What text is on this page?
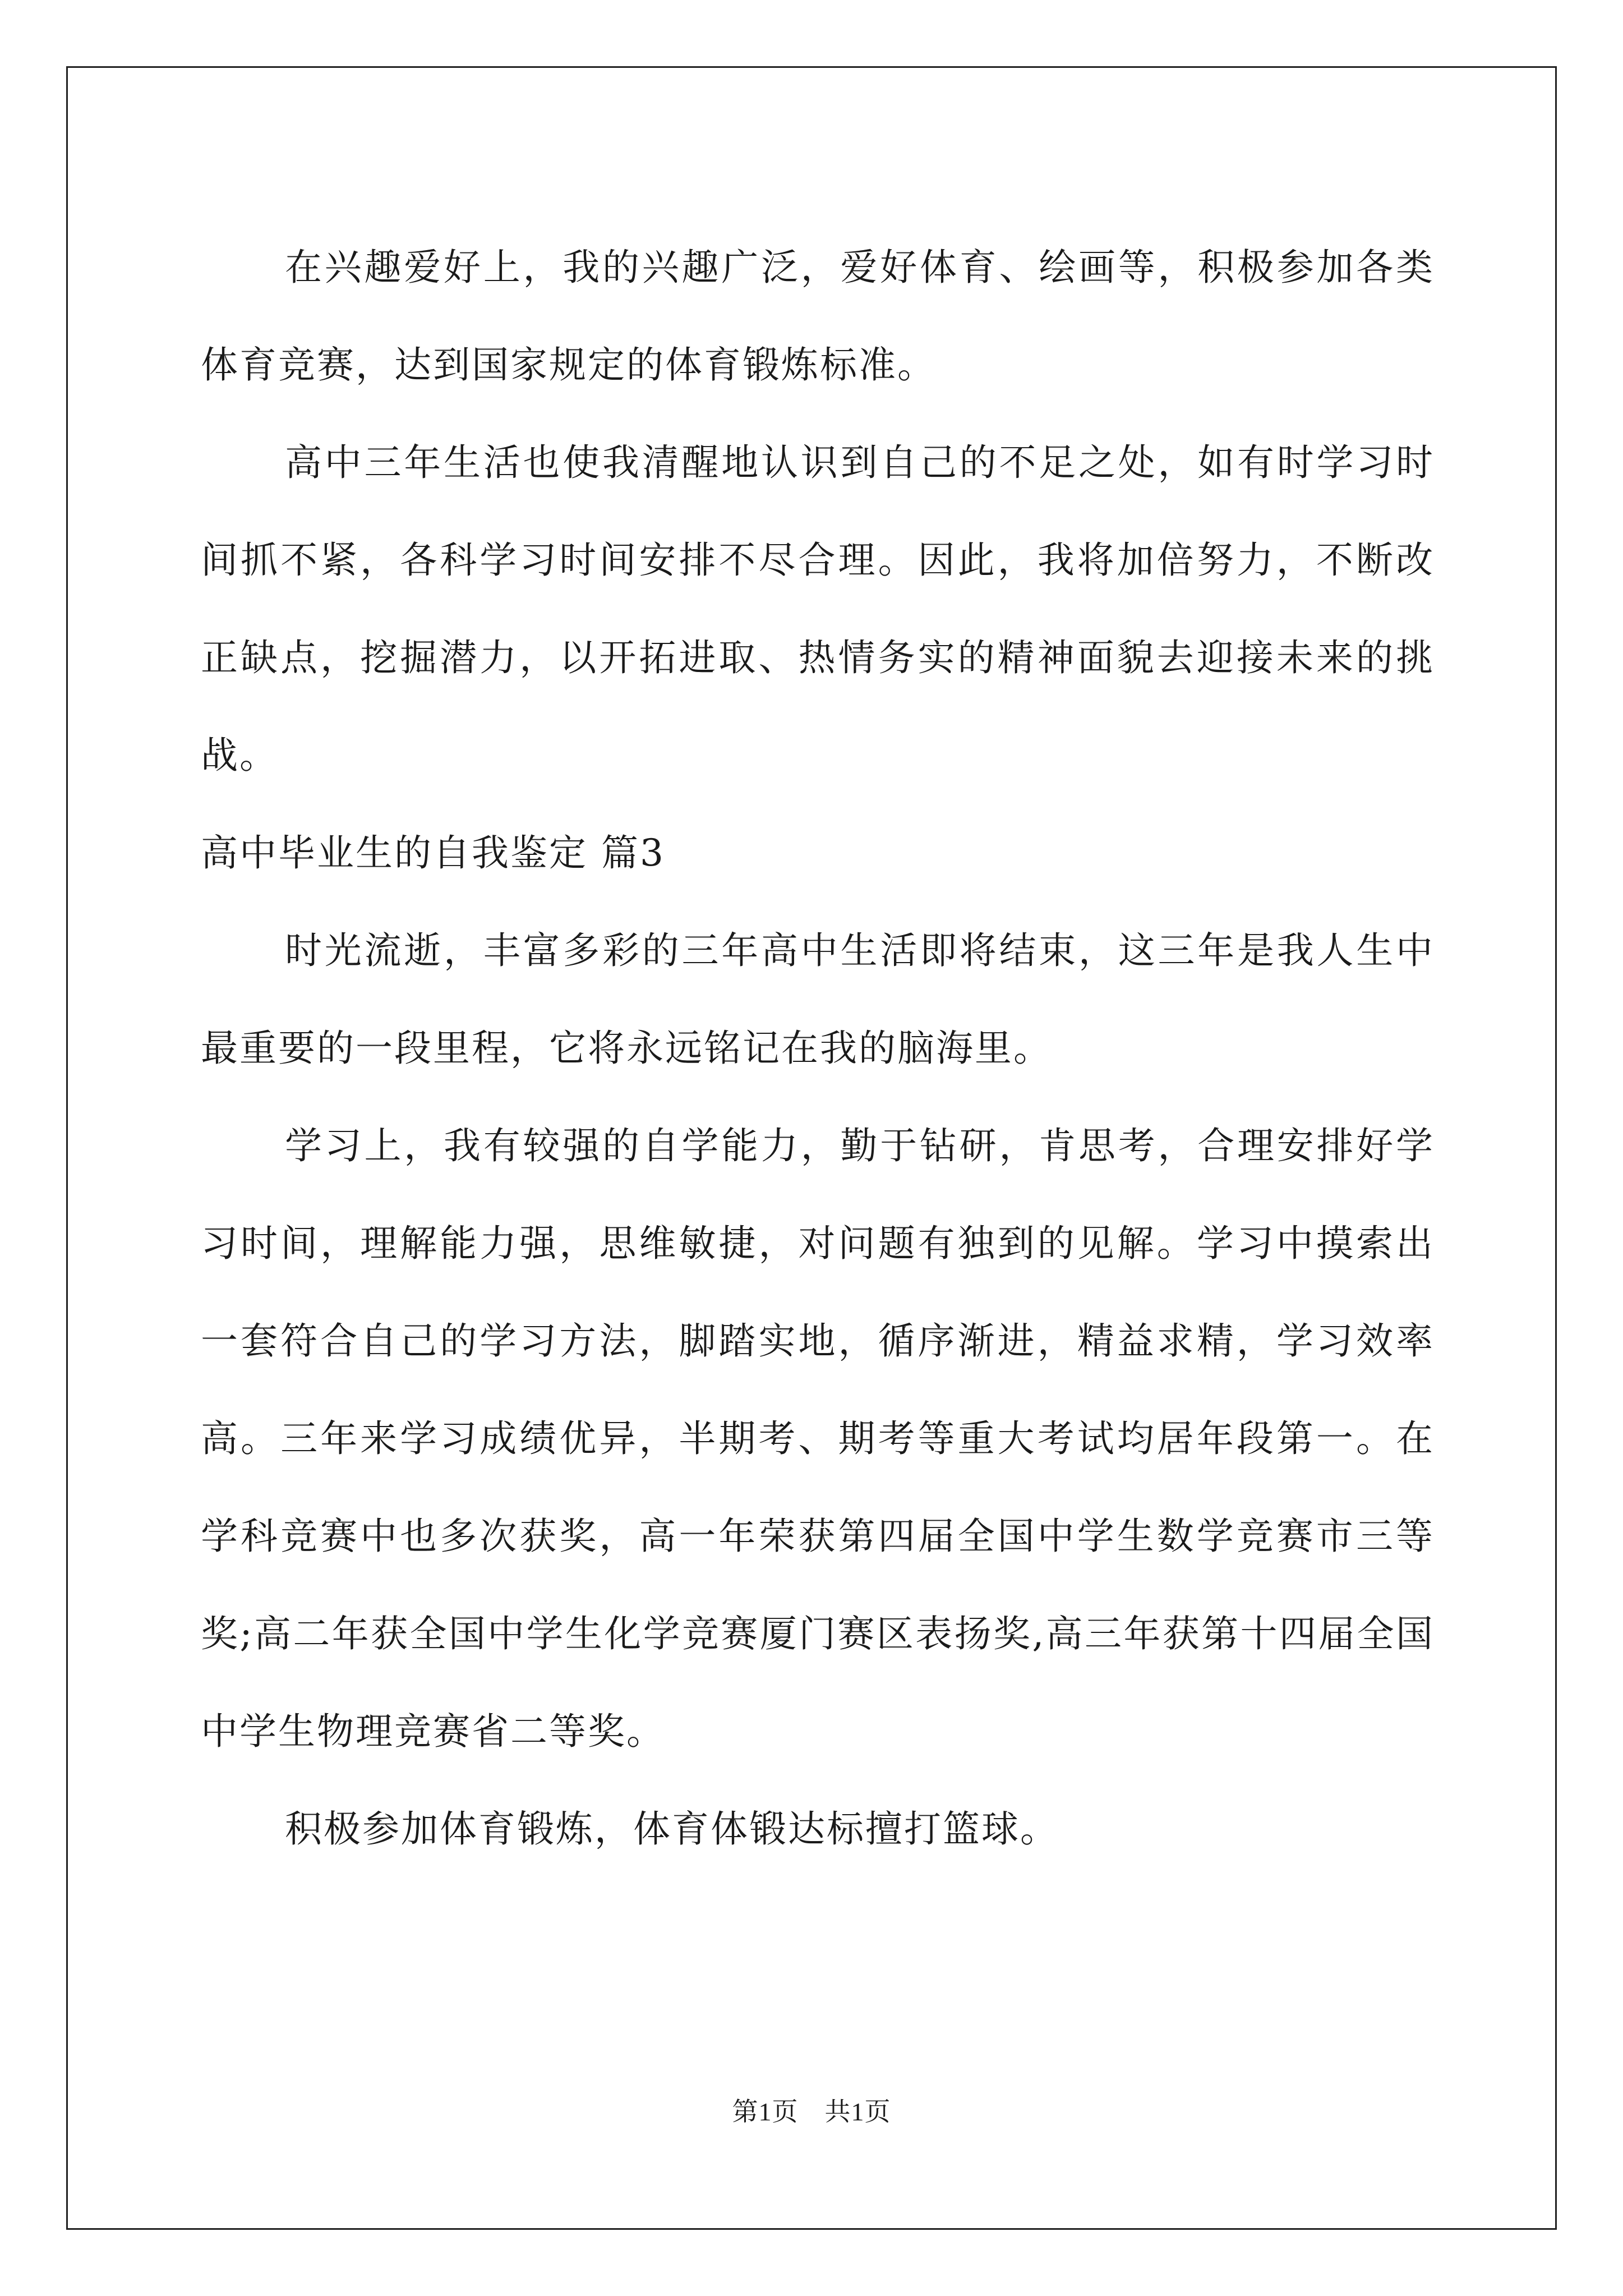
在兴趣爱好上，我的兴趣广泛，爱好体育、绘画等，积极参加各类体育竞赛，达到国家规定的体育锻炼标准。

高中三年生活也使我清醒地认识到自己的不足之处，如有时学习时间抓不紧，各科学习时间安排不尽合理。因此，我将加倍努力，不断改正缺点，挖掘潜力，以开拓进取、热情务实的精神面貌去迎接未来的挑战。

高中毕业生的自我鉴定 篇3

时光流逝，丰富多彩的三年高中生活即将结束，这三年是我人生中最重要的一段里程，它将永远铭记在我的脑海里。

学习上，我有较强的自学能力，勤于钻研，肯思考，合理安排好学习时间，理解能力强，思维敏捷，对问题有独到的见解。学习中摸索出一套符合自己的学习方法，脚踏实地，循序渐进，精益求精，学习效率高。三年来学习成绩优异，半期考、期考等重大考试均居年段第一。在学科竞赛中也多次获奖，高一年荣获第四届全国中学生数学竞赛市三等奖;高二年获全国中学生化学竞赛厦门赛区表扬奖,高三年获第十四届全国中学生物理竞赛省二等奖。

积极参加体育锻炼，体育体锻达标擅打篮球。

第1页　共1页
